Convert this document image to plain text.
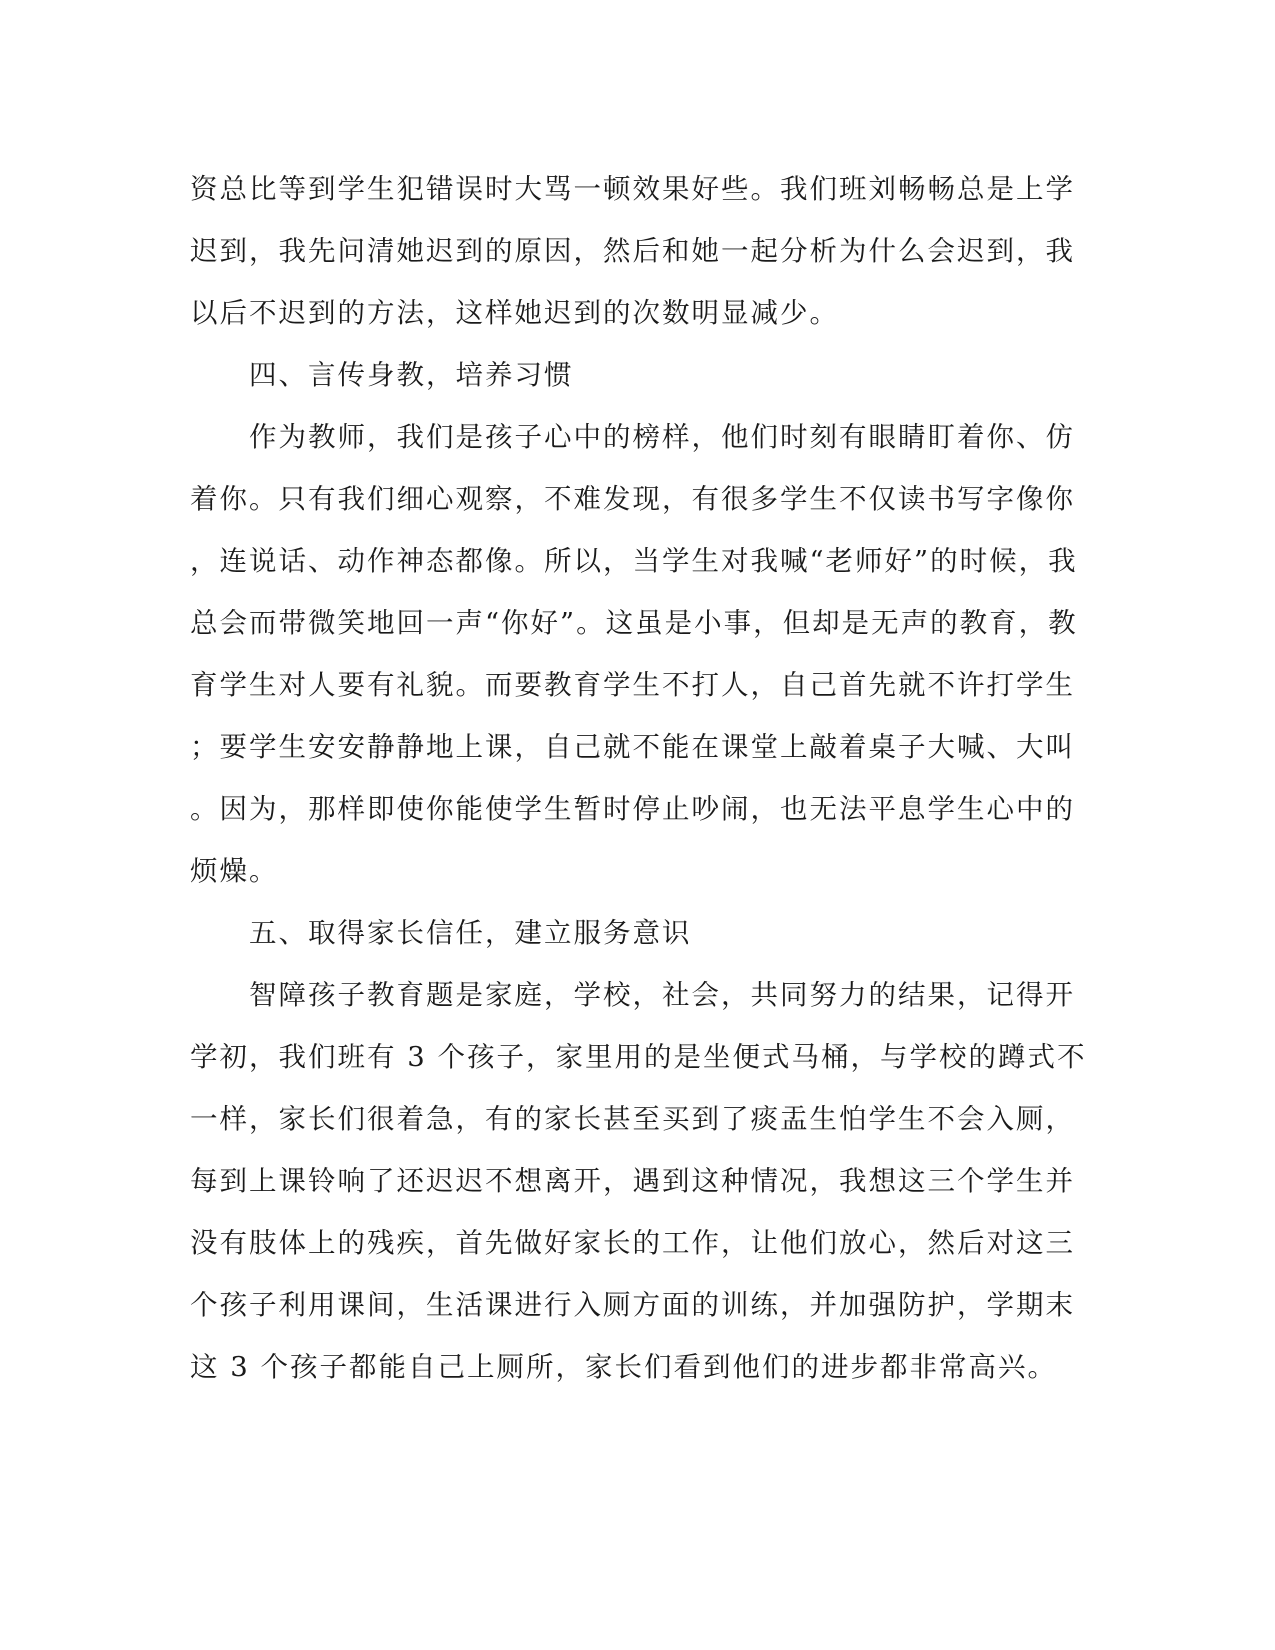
资总比等到学生犯错误时大骂一顿效果好些。我们班刘畅畅总是上学
迟到，我先问清她迟到的原因，然后和她一起分析为什么会迟到，我
以后不迟到的方法，这样她迟到的次数明显减少。
　　四、言传身教，培养习惯
　　作为教师，我们是孩子心中的榜样，他们时刻有眼睛盯着你、仿
着你。只有我们细心观察，不难发现，有很多学生不仅读书写字像你
，连说话、动作神态都像。所以，当学生对我喊“老师好”的时候，我
总会而带微笑地回一声“你好”。这虽是小事，但却是无声的教育，教
育学生对人要有礼貌。而要教育学生不打人，自己首先就不许打学生
；要学生安安静静地上课，自己就不能在课堂上敲着桌子大喊、大叫
。因为，那样即使你能使学生暂时停止吵闹，也无法平息学生心中的
烦燥。
　　五、取得家长信任，建立服务意识
　　智障孩子教育题是家庭，学校，社会，共同努力的结果，记得开
学初，我们班有 3 个孩子，家里用的是坐便式马桶，与学校的蹲式不
一样，家长们很着急，有的家长甚至买到了痰盂生怕学生不会入厕，
每到上课铃响了还迟迟不想离开，遇到这种情况，我想这三个学生并
没有肢体上的残疾，首先做好家长的工作，让他们放心，然后对这三
个孩子利用课间，生活课进行入厕方面的训练，并加强防护，学期末
这 3 个孩子都能自己上厕所，家长们看到他们的进步都非常高兴。
